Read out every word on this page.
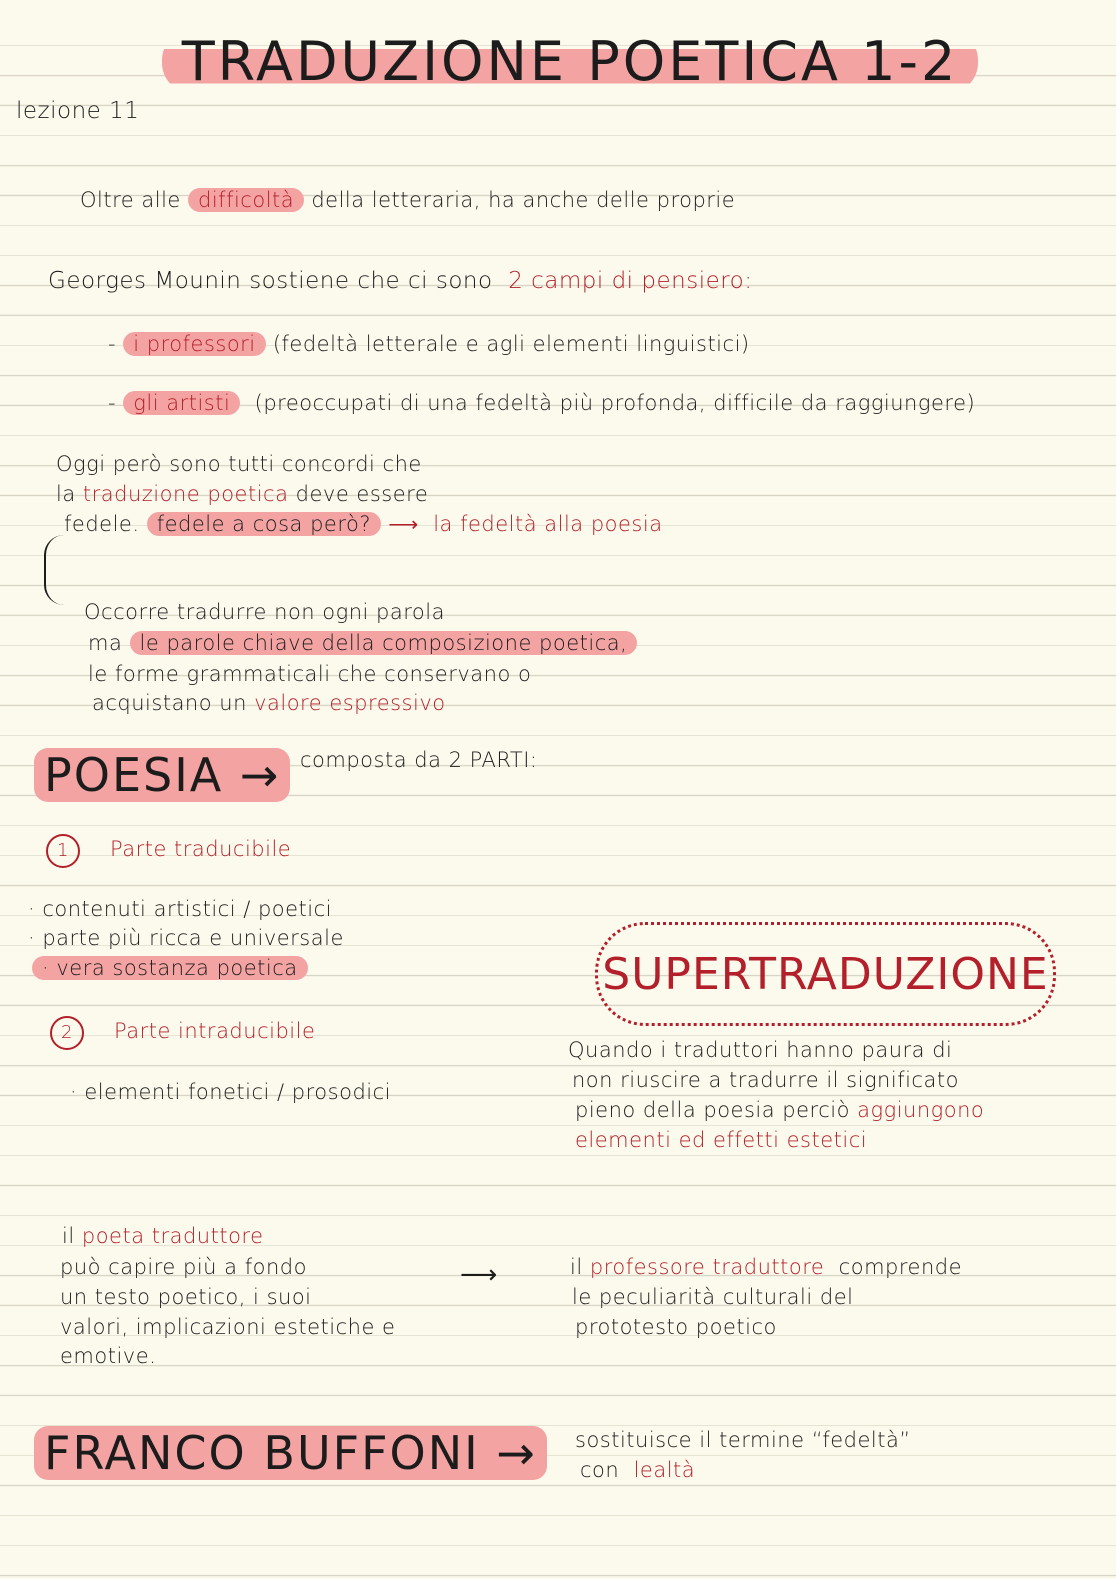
TRADUZIONE POETICA 1-2
lezione 11
Oltre alle difficoltà della letteraria, ha anche delle proprie
Georges Mounin sostiene che ci sono 2 campi di pensiero:
- i professori (fedeltà letterale e agli elementi linguistici)
- gli artisti (preoccupati di una fedeltà più profonda, difficile da raggiungere)
Oggi però sono tutti concordi che
la traduzione poetica deve essere
fedele. fedele a cosa però? ⟶ la fedeltà alla poesia
Occorre tradurre non ogni parola
ma le parole chiave della composizione poetica,
le forme grammaticali che conservano o
acquistano un valore espressivo
POESIA → composta da 2 PARTI:
1 Parte traducibile
· contenuti artistici / poetici
· parte più ricca e universale
· vera sostanza poetica
2 Parte intraducibile
· elementi fonetici / prosodici
SUPERTRADUZIONE
Quando i traduttori hanno paura di
non riuscire a tradurre il significato
pieno della poesia perciò aggiungono
elementi ed effetti estetici
il poeta traduttore
può capire più a fondo
un testo poetico, i suoi
valori, implicazioni estetiche e
emotive.
⟶	il professore traduttore comprende
le peculiarità culturali del
prototesto poetico
FRANCO BUFFONI →	sostituisce il termine “fedeltà”
con lealtà
